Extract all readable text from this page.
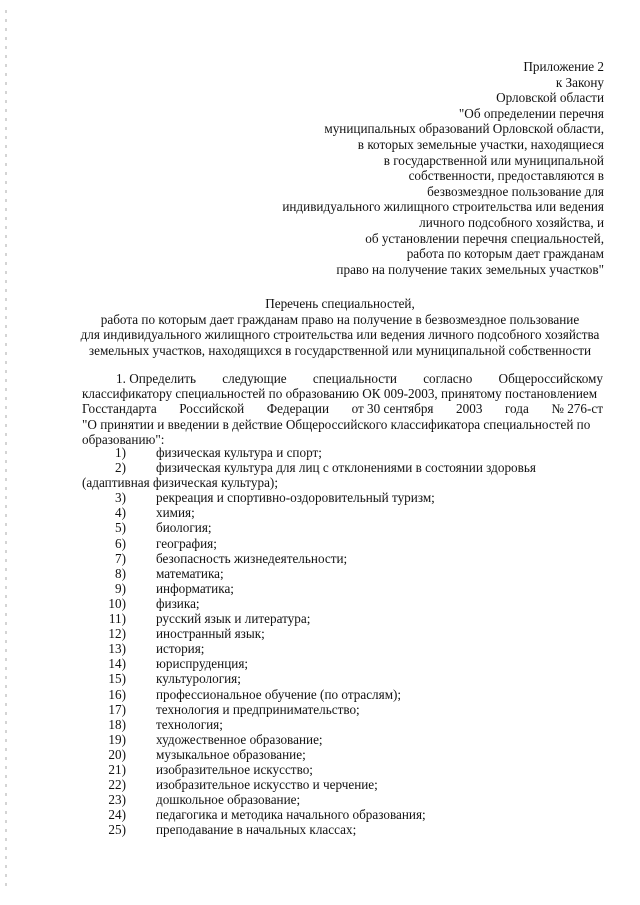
Приложение 2
к Закону
Орловской области
"Об определении перечня
муниципальных образований Орловской области,
в которых земельные участки, находящиеся
в государственной или муниципальной
собственности, предоставляются в
безвозмездное пользование для
индивидуального жилищного строительства или ведения
личного подсобного хозяйства, и
об установлении перечня специальностей,
работа по которым дает гражданам
право на получение таких земельных участков"
Перечень специальностей,
работа по которым дает гражданам право на получение в безвозмездное пользование
для индивидуального жилищного строительства или ведения личного подсобного хозяйства
земельных участков, находящихся в государственной или муниципальной собственности
1. Определить следующие специальности согласно Общероссийскому
классификатору специальностей по образованию ОК 009-2003, принятому постановлением
Госстандарта Российской Федерации от 30 сентября 2003 года № 276-ст
"О принятии и введении в действие Общероссийского классификатора специальностей по
образованию":
1)	физическая культура и спорт;
2)	физическая культура для лиц с отклонениями в состоянии здоровья
(адаптивная физическая культура);
3)	рекреация и спортивно-оздоровительный туризм;
4)	химия;
5)	биология;
6)	география;
7)	безопасность жизнедеятельности;
8)	математика;
9)	информатика;
10)	физика;
11)	русский язык и литература;
12)	иностранный язык;
13)	история;
14)	юриспруденция;
15)	культурология;
16)	профессиональное обучение (по отраслям);
17)	технология и предпринимательство;
18)	технология;
19)	художественное образование;
20)	музыкальное образование;
21)	изобразительное искусство;
22)	изобразительное искусство и черчение;
23)	дошкольное образование;
24)	педагогика и методика начального образования;
25)	преподавание в начальных классах;
